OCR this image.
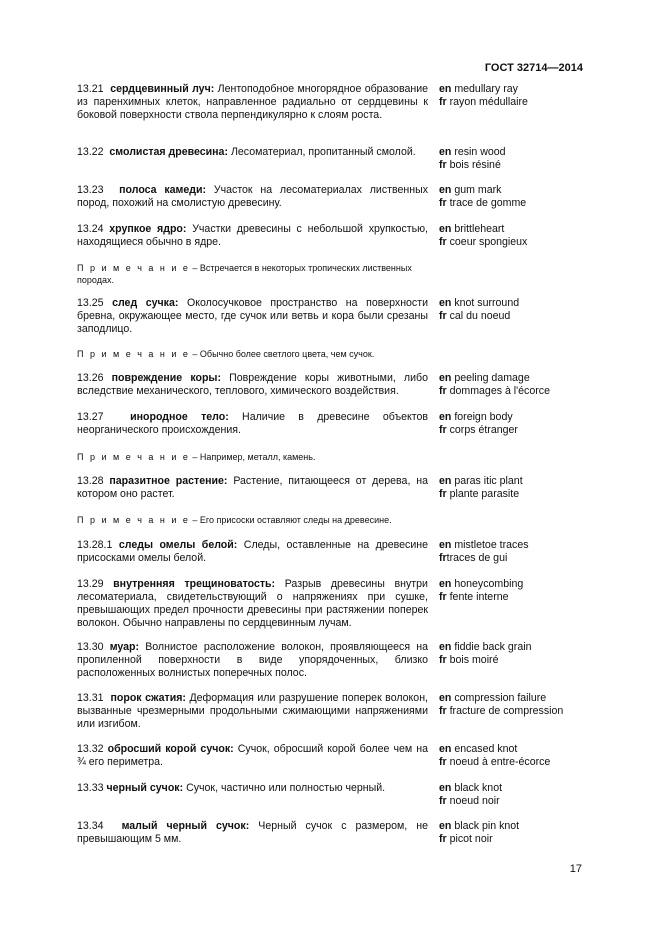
ГОСТ 32714—2014
13.21 сердцевинный луч: Лентоподобное многорядное образование из паренхимных клеток, направленное радиально от сердцевины к боковой поверхности ствола перпендикулярно к слоям роста.
en medullary ray
fr rayon médullaire
13.22 смолистая древесина: Лесоматериал, пропитанный смолой.	en resin wood
fr bois résiné
13.23 полоса камеди: Участок на лесоматериалах лиственных пород, похожий на смолистую древесину.
en gum mark
fr trace de gomme
13.24 хрупкое ядро: Участки древесины с небольшой хрупкостью, находящиеся обычно в ядре.
en brittleheart
fr coeur spongieux
П р и м е ч а н и е – Встречается в некоторых тропических лиственных породах.
13.25 след сучка: Околосучковое пространство на поверхности бревна, окружающее место, где сучок или ветвь и кора были срезаны заподлицо.
en knot surround
fr cal du noeud
П р и м е ч а н и е – Обычно более светлого цвета, чем сучок.
13.26 повреждение коры: Повреждение коры животными, либо вследствие механического, теплового, химического воздействия.
en peeling damage
fr dommages à l'écorce
13.27	инородное тело: Наличие в древесине объектов неорганического происхождения.
en foreign body
fr corps étranger
П р и м е ч а н и е – Например, металл, камень.
13.28 паразитное растение: Растение, питающееся от дерева, на котором оно растет.
en paras itic plant
fr plante parasite
П р и м е ч а н и е – Его присоски оставляют следы на древесине.
13.28.1 следы омелы белой: Следы, оставленные на древесине присосками омелы белой.
en mistletoe traces
frtraces de gui
13.29 внутренняя трещиноватость: Разрыв древесины внутри лесоматериала, свидетельствующий о напряжениях при сушке, превышающих предел прочности древесины при растяжении поперек волокон. Обычно направлены по сердцевинным лучам.
en honeycombing
fr fente interne
13.30 муар: Волнистое расположение волокон, проявляющееся на пропиленной поверхности в виде упорядоченных, близко расположенных волнистых поперечных полос.
en fiddie back grain
fr bois moiré
13.31 порок сжатия: Деформация или разрушение поперек волокон, вызванные чрезмерными продольными сжимающими напряжениями или изгибом.
en compression failure
fr fracture de compression
13.32 обросший корой сучок: Сучок, обросший корой более чем на ¾ его периметра.
en encased knot
fr noeud à entre-écorce
13.33 черный сучок: Сучок, частично или полностью черный.	en black knot
fr noeud noir
13.34 малый черный сучок: Черный сучок с размером, не превышающим 5 мм.
en black pin knot
fr picot noir
17
